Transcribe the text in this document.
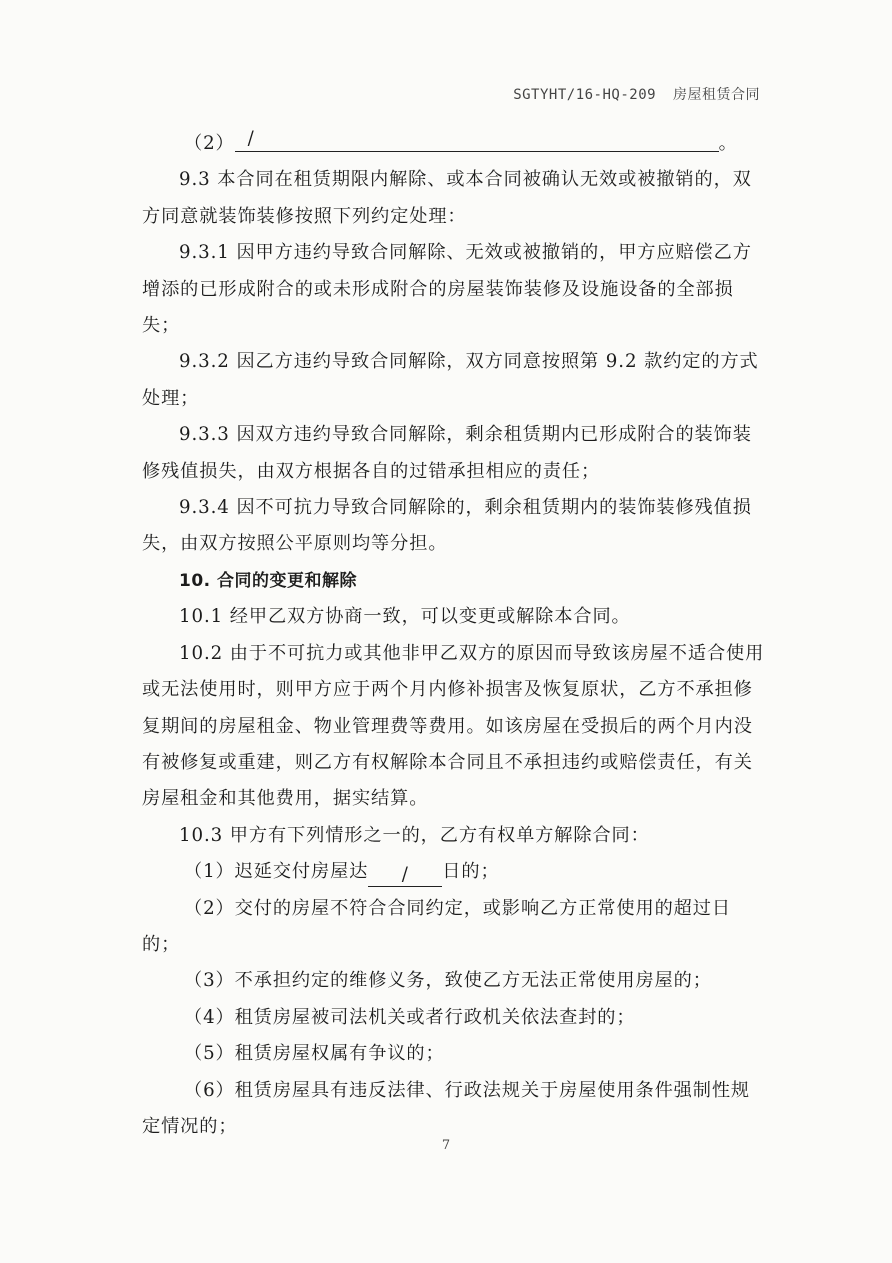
SGTYHT/16-HQ-209 房屋租赁合同

（2） /	。

9.3 本合同在租赁期限内解除、或本合同被确认无效或被撤销的，双方同意就装饰装修按照下列约定处理：

9.3.1 因甲方违约导致合同解除、无效或被撤销的，甲方应赔偿乙方增添的已形成附合的或未形成附合的房屋装饰装修及设施设备的全部损失；

9.3.2 因乙方违约导致合同解除，双方同意按照第 9.2 款约定的方式处理；

9.3.3 因双方违约导致合同解除，剩余租赁期内已形成附合的装饰装修残值损失，由双方根据各自的过错承担相应的责任；

9.3.4 因不可抗力导致合同解除的，剩余租赁期内的装饰装修残值损失，由双方按照公平原则均等分担。

10. 合同的变更和解除

10.1 经甲乙双方协商一致，可以变更或解除本合同。

10.2 由于不可抗力或其他非甲乙双方的原因而导致该房屋不适合使用或无法使用时，则甲方应于两个月内修补损害及恢复原状，乙方不承担修复期间的房屋租金、物业管理费等费用。如该房屋在受损后的两个月内没有被修复或重建，则乙方有权解除本合同且不承担违约或赔偿责任，有关房屋租金和其他费用，据实结算。

10.3 甲方有下列情形之一的，乙方有权单方解除合同：

（1）迟延交付房屋达 / 日的；

（2）交付的房屋不符合合同约定，或影响乙方正常使用的超过日的；

（3）不承担约定的维修义务，致使乙方无法正常使用房屋的；

（4）租赁房屋被司法机关或者行政机关依法查封的；

（5）租赁房屋权属有争议的；

（6）租赁房屋具有违反法律、行政法规关于房屋使用条件强制性规定情况的；

7
